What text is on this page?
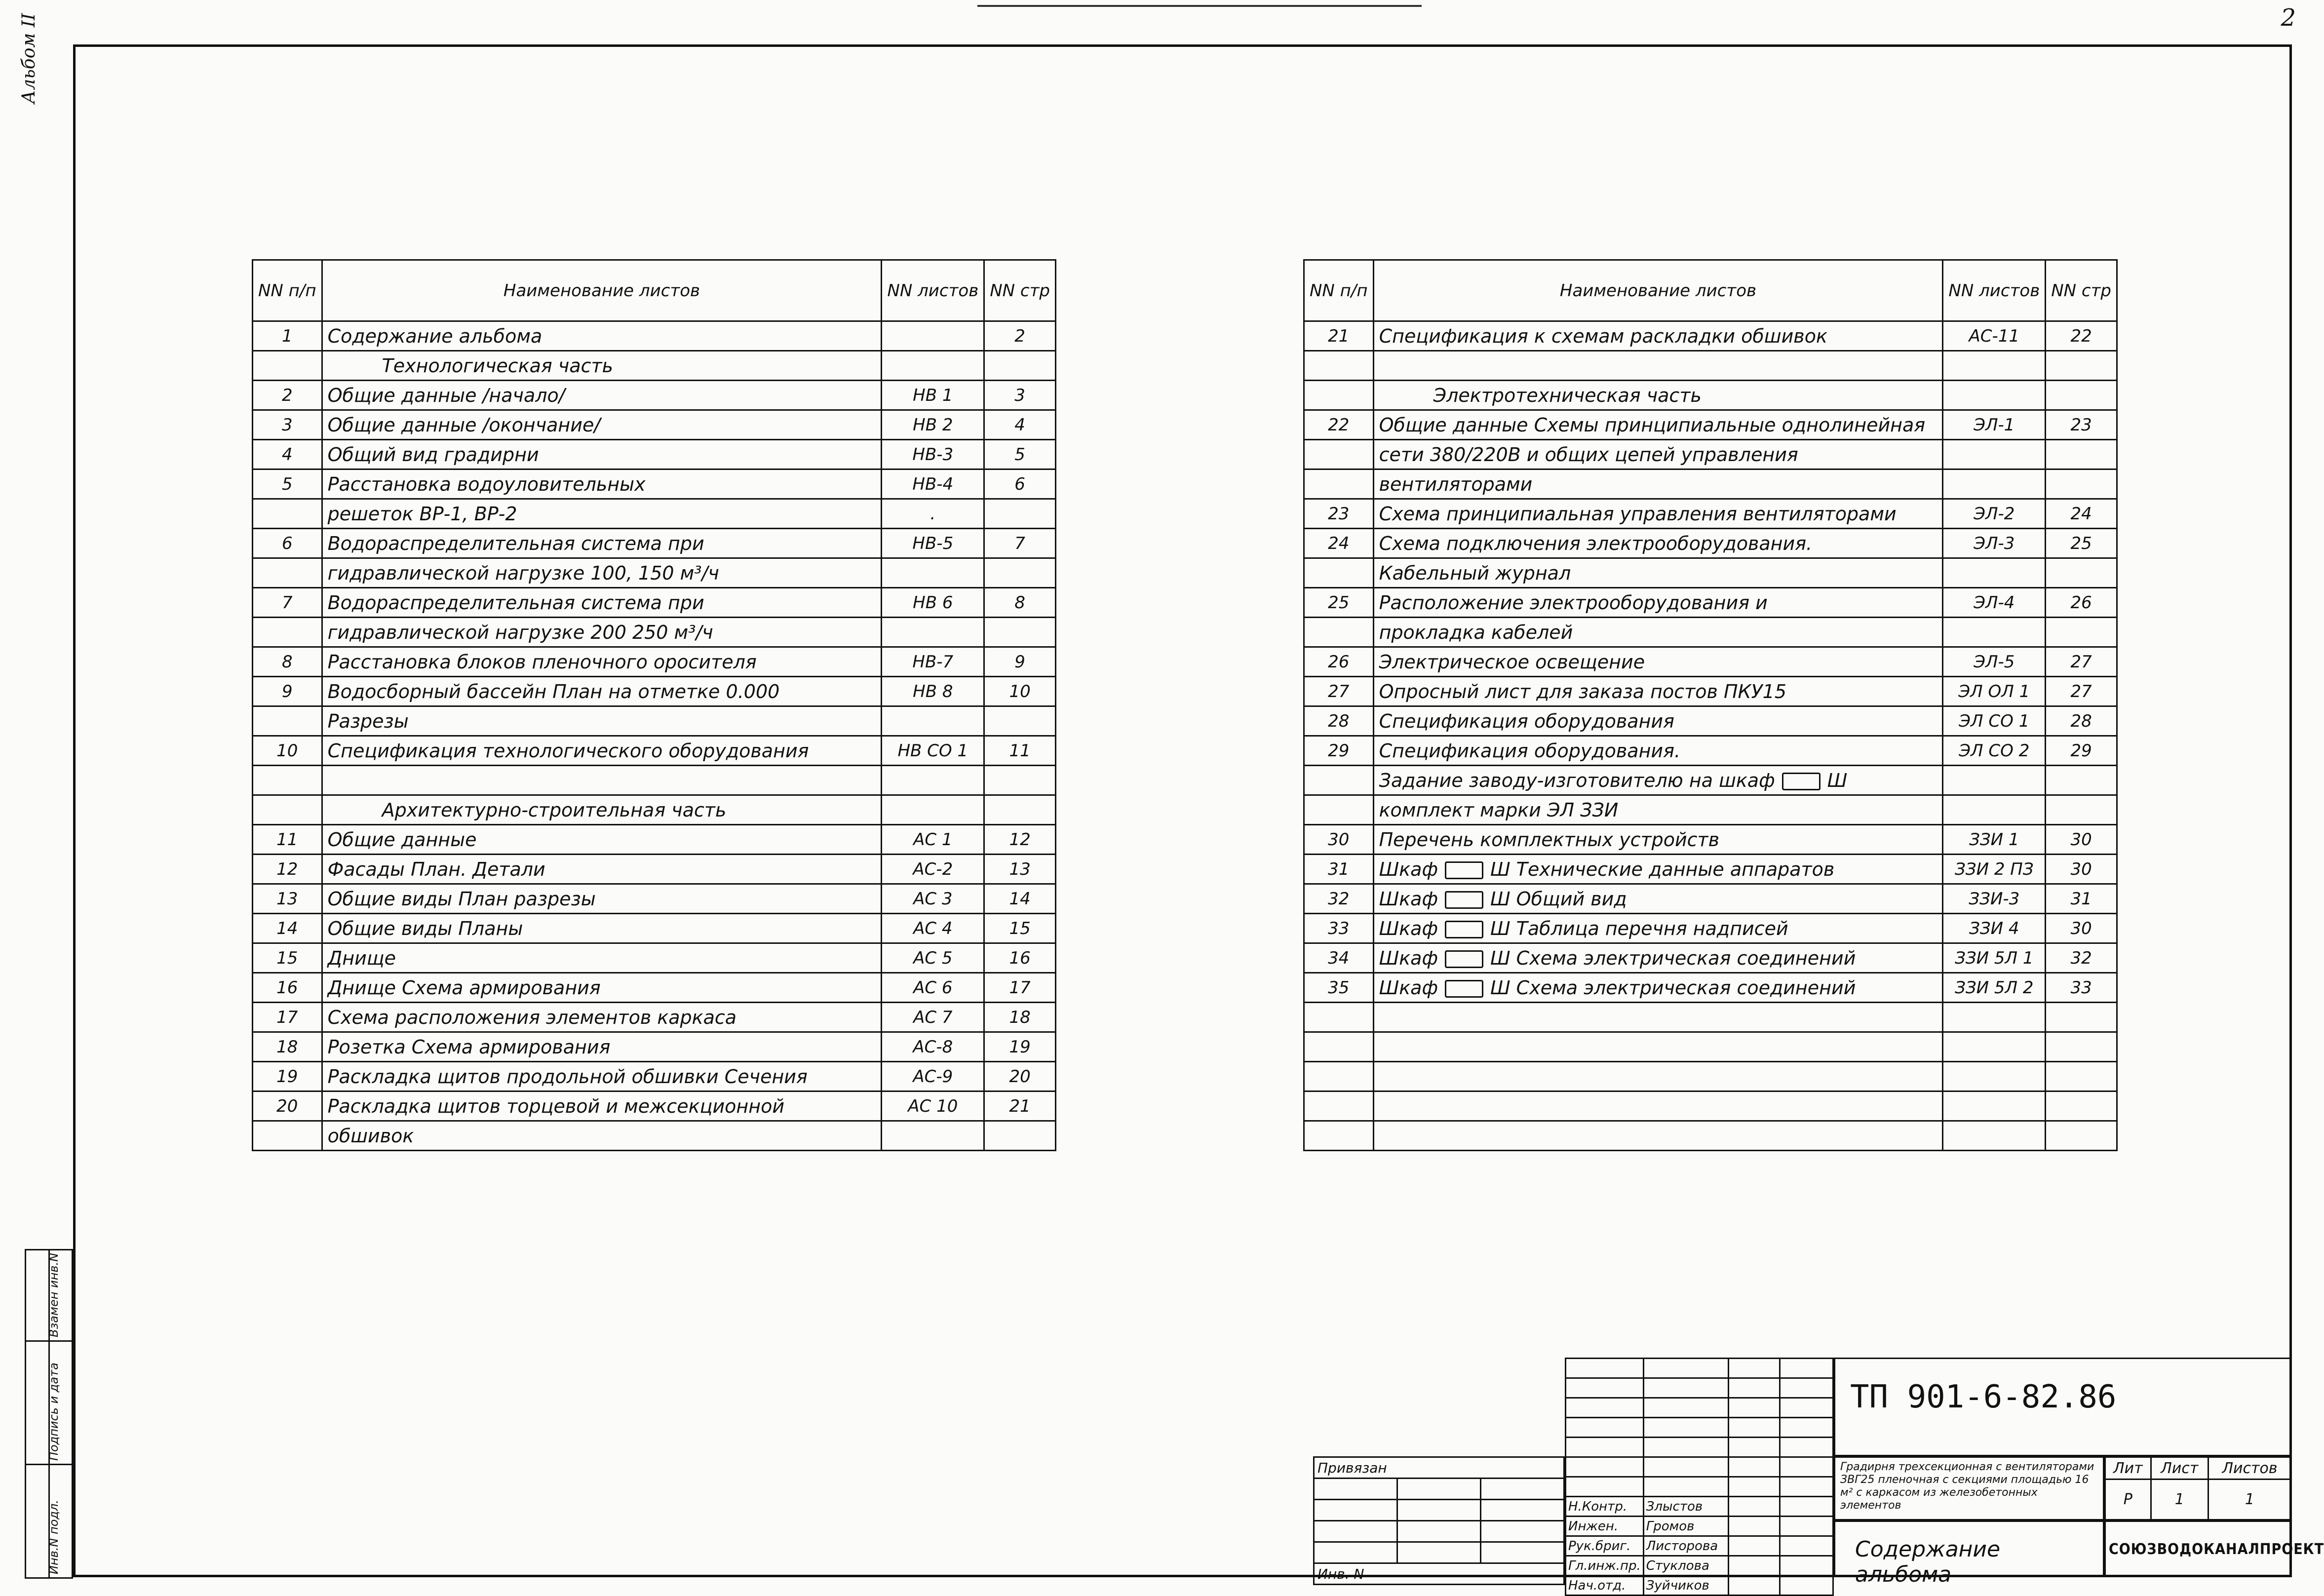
2
Альбом II
NN п/п	Наименование листов	NN листов	NN стр
1	Содержание альбома		2
	Технологическая часть		
2	Общие данные /начало/	НВ 1	3
3	Общие данные /окончание/	НВ 2	4
4	Общий вид градирни	НВ-3	5
5	Расстановка водоуловительных	НВ-4	6
	решеток ВР-1, ВР-2	.	
6	Водораспределительная система при	НВ-5	7
	гидравлической нагрузке 100, 150 м³/ч		
7	Водораспределительная система при	НВ 6	8
	гидравлической нагрузке 200 250 м³/ч		
8	Расстановка блоков пленочного оросителя	НВ-7	9
9	Водосборный бассейн План на отметке 0.000	НВ 8	10
	Разрезы		
10	Спецификация технологического оборудования	НВ СО 1	11

	Архитектурно-строительная часть		
11	Общие данные	АС 1	12
12	Фасады План. Детали	АС-2	13
13	Общие виды План разрезы	АС 3	14
14	Общие виды Планы	АС 4	15
15	Днище	АС 5	16
16	Днище Схема армирования	АС 6	17
17	Схема расположения элементов каркаса	АС 7	18
18	Розетка Схема армирования	АС-8	19
19	Раскладка щитов продольной обшивки Сечения	АС-9	20
20	Раскладка щитов торцевой и межсекционной	АС 10	21
	обшивок		
NN п/п	Наименование листов	NN листов	NN стр
21	Спецификация к схемам раскладки обшивок	АС-11	22

	Электротехническая часть		
22	Общие данные Схемы принципиальные однолинейная	ЭЛ-1	23
	сети 380/220В и общих цепей управления		
	вентиляторами		
23	Схема принципиальная управления вентиляторами	ЭЛ-2	24
24	Схема подключения электрооборудования.	ЭЛ-3	25
	Кабельный журнал		
25	Расположение электрооборудования и	ЭЛ-4	26
	прокладка кабелей		
26	Электрическое освещение	ЭЛ-5	27
27	Опросный лист для заказа постов ПКУ15	ЭЛ ОЛ 1	27
28	Спецификация оборудования	ЭЛ СО 1	28
29	Спецификация оборудования.	ЭЛ СО 2	29
	Задание заводу-изготовителю на шкаф Ш		
	комплект марки ЭЛ ЗЗИ		
30	Перечень комплектных устройств	ЗЗИ 1	30
31	Шкаф Ш Технические данные аппаратов	ЗЗИ 2 ПЗ	30
32	Шкаф Ш Общий вид	ЗЗИ-3	31
33	Шкаф Ш Таблица перечня надписей	ЗЗИ 4	30
34	Шкаф Ш Схема электрическая соединений	ЗЗИ 5Л 1	32
35	Шкаф Ш Схема электрическая соединений	ЗЗИ 5Л 2	33

	Взамен инв.N

	Подпись и дата

	Инв.N подл.
Привязан		

Инв. N		

Н.Контр.	Злыстов		
Инжен.	Громов		
Рук.бриг.	Листорова		
Гл.инж.пр.	Стуклова		
Нач.отд.	Зуйчиков		
ТП 901-6-82.86
Градирня трехсекционная с вентиляторами ЗВГ25 пленочная с секциями площадью 16 м² с каркасом из железобетонных элементов
Лит	Лист	Листов
Р	1	1
Содержание альбома
СОЮЗВОДОКАНАЛПРОЕКТ
